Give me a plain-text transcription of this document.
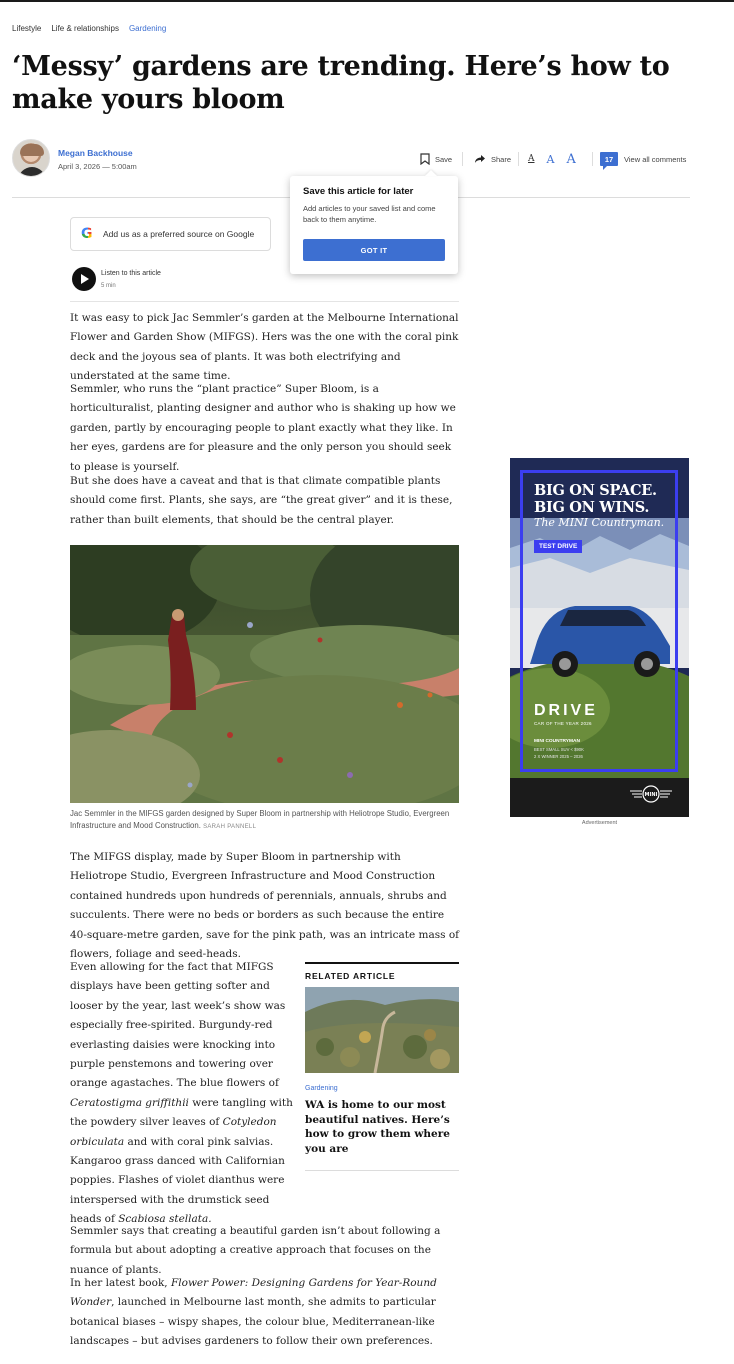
Lifestyle Life & relationships Gardening
‘Messy’ gardens are trending. Here’s how to make yours bloom
Megan Backhouse
April 3, 2026 — 5:00am
Save	Share A A A	17	View all comments
Save this article for later
Add articles to your saved list and come back to them anytime.
GOT IT
G Add us as a preferred source on Google
Listen to this article
5 min

It was easy to pick Jac Semmler’s garden at the Melbourne International Flower and Garden Show (MIFGS). Hers was the one with the coral pink deck and the joyous sea of plants. It was both electrifying and understated at the same time.

Semmler, who runs the “plant practice” Super Bloom, is a horticulturalist, planting designer and author who is shaking up how we garden, partly by encouraging people to plant exactly what they like. In her eyes, gardens are for pleasure and the only person you should seek to please is yourself.

But she does have a caveat and that is that climate compatible plants should come first. Plants, she says, are “the great giver” and it is these, rather than built elements, that should be the central player.

Jac Semmler in the MIFGS garden designed by Super Bloom in partnership with Heliotrope Studio, Evergreen Infrastructure and Mood Construction. SARAH PANNELL

The MIFGS display, made by Super Bloom in partnership with Heliotrope Studio, Evergreen Infrastructure and Mood Construction contained hundreds upon hundreds of perennials, annuals, shrubs and succulents. There were no beds or borders as such because the entire 40-square-metre garden, save for the pink path, was an intricate mass of flowers, foliage and seed-heads.

Even allowing for the fact that MIFGS displays have been getting softer and looser by the year, last week’s show was especially free-spirited. Burgundy-red everlasting daisies were knocking into purple penstemons and towering over orange agastaches. The blue flowers of Ceratostigma griffithii were tangling with the powdery silver leaves of Cotyledon orbiculata and with coral pink salvias. Kangaroo grass danced with Californian poppies. Flashes of violet dianthus were interspersed with the drumstick seed heads of Scabiosa stellata.

RELATED ARTICLE
Gardening
WA is home to our most beautiful natives. Here’s how to grow them where you are

Semmler says that creating a beautiful garden isn’t about following a formula but about adopting a creative approach that focuses on the nuance of plants.

In her latest book, Flower Power: Designing Gardens for Year-Round Wonder, launched in Melbourne last month, she admits to particular botanical biases – wispy shapes, the colour blue, Mediterranean-like landscapes – but advises gardeners to follow their own preferences.

BIG ON SPACE. BIG ON WINS.
The MINI Countryman.
TEST DRIVE
DRIVE
CAR OF THE YEAR 2026
MINI COUNTRYMAN
BEST SMALL SUV < $90K
2 X WINNER 2025 – 2026
MINI
Advertisement
